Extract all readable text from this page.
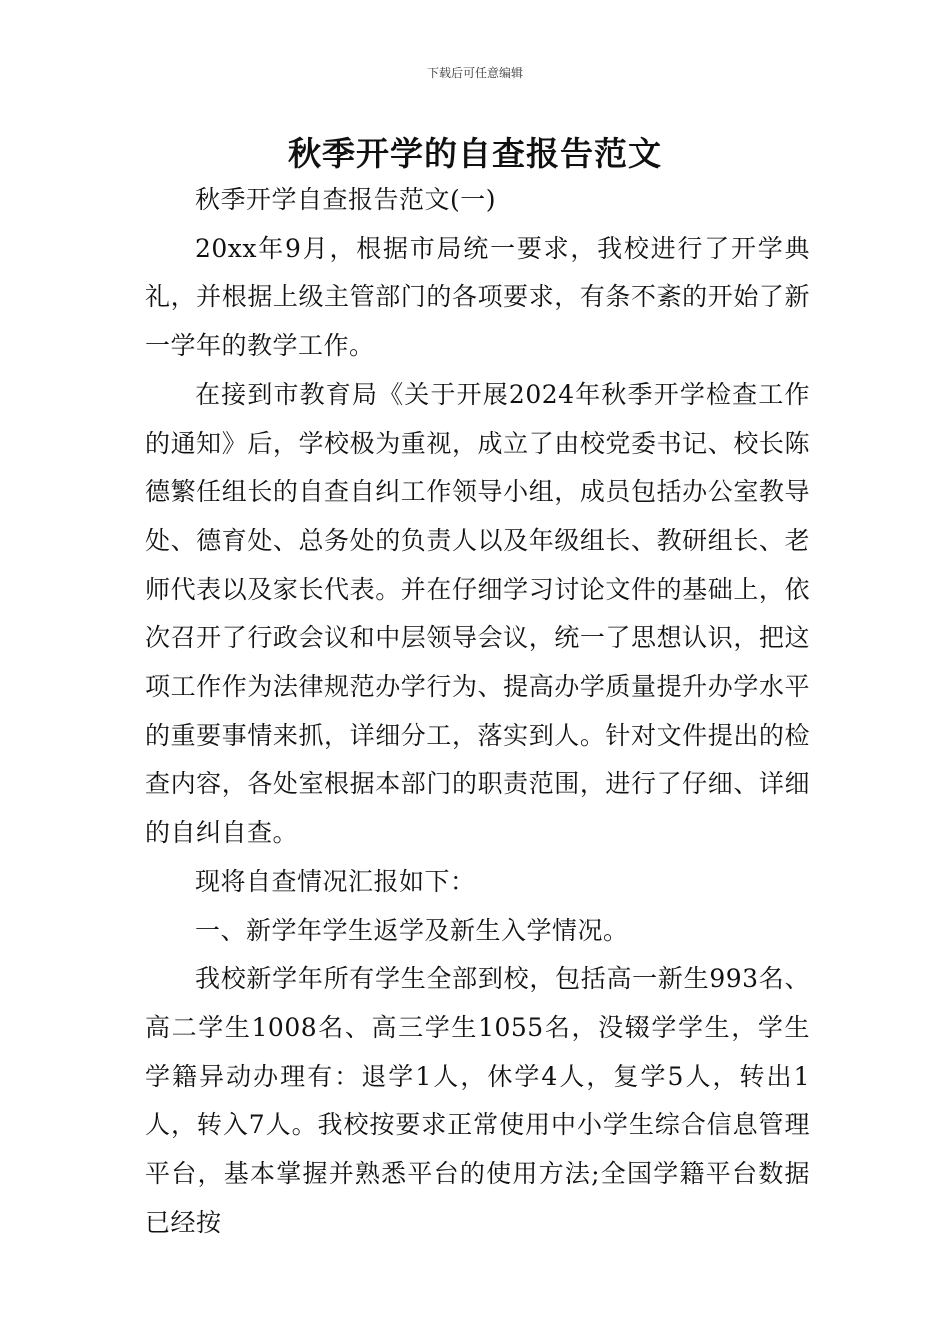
下载后可任意编辑
秋季开学的自查报告范文

秋季开学自查报告范文(一)

20xx年9月，根据市局统一要求，我校进行了开学典礼，并根据上级主管部门的各项要求，有条不紊的开始了新一学年的教学工作。

在接到市教育局《关于开展2024年秋季开学检查工作的通知》后，学校极为重视，成立了由校党委书记、校长陈德繁任组长的自查自纠工作领导小组，成员包括办公室教导处、德育处、总务处的负责人以及年级组长、教研组长、老师代表以及家长代表。并在仔细学习讨论文件的基础上，依次召开了行政会议和中层领导会议，统一了思想认识，把这项工作作为法律规范办学行为、提高办学质量提升办学水平的重要事情来抓，详细分工，落实到人。针对文件提出的检查内容，各处室根据本部门的职责范围，进行了仔细、详细的自纠自查。

现将自查情况汇报如下：

一、新学年学生返学及新生入学情况。

我校新学年所有学生全部到校，包括高一新生993名、高二学生1008名、高三学生1055名，没辍学学生，学生学籍异动办理有：退学1人，休学4人，复学5人，转出1人，转入7人。我校按要求正常使用中小学生综合信息管理平台，基本掌握并熟悉平台的使用方法;全国学籍平台数据已经按
